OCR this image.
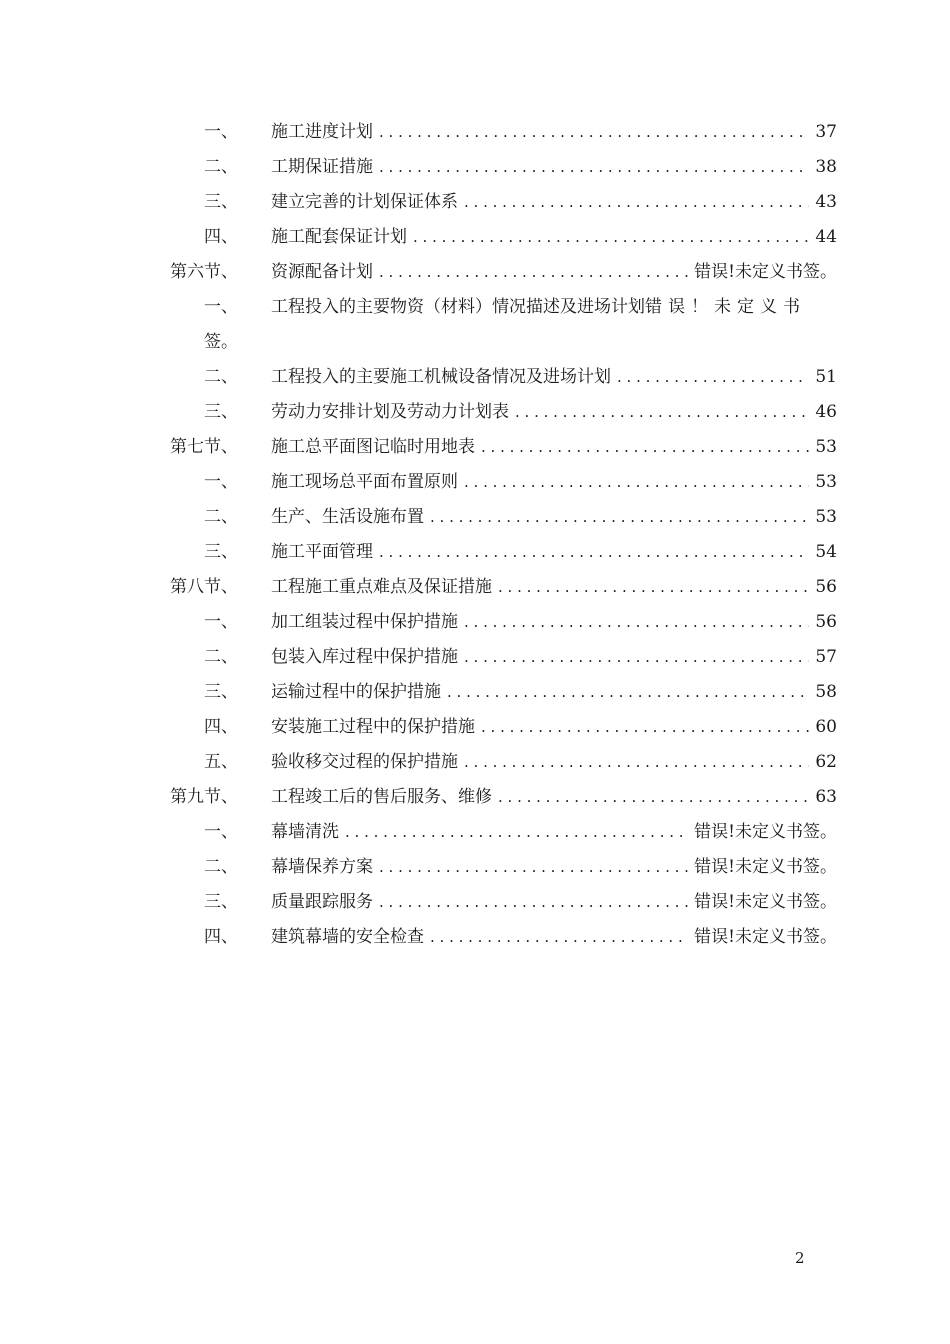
一、 施工进度计划 . . .	37
二、 工期保证措施 . . .	38
三、 建立完善的计划保证体系 . . .	43
四、 施工配套保证计划 . . .	44
第六节、 资源配备计划 . . .	错误!未定义书签。
一、 工程投入的主要物资（材料）情况描述及进场计划错误！未定义书
签。
二、 工程投入的主要施工机械设备情况及进场计划 . . .	51
三、 劳动力安排计划及劳动力计划表 . . .	46
第七节、 施工总平面图记临时用地表 . . .	53
一、 施工现场总平面布置原则 . . .	53
二、 生产、生活设施布置 . . .	53
三、 施工平面管理 . . .	54
第八节、 工程施工重点难点及保证措施 . . .	56
一、 加工组装过程中保护措施 . . .	56
二、 包装入库过程中保护措施 . . .	57
三、 运输过程中的保护措施 . . .	58
四、 安装施工过程中的保护措施 . . .	60
五、 验收移交过程的保护措施 . . .	62
第九节、 工程竣工后的售后服务、维修 . . .	63
一、 幕墙清洗 . . .	错误!未定义书签。
二、 幕墙保养方案 . . .	错误!未定义书签。
三、 质量跟踪服务 . . .	错误!未定义书签。
四、 建筑幕墙的安全检查 . . .	错误!未定义书签。
2
